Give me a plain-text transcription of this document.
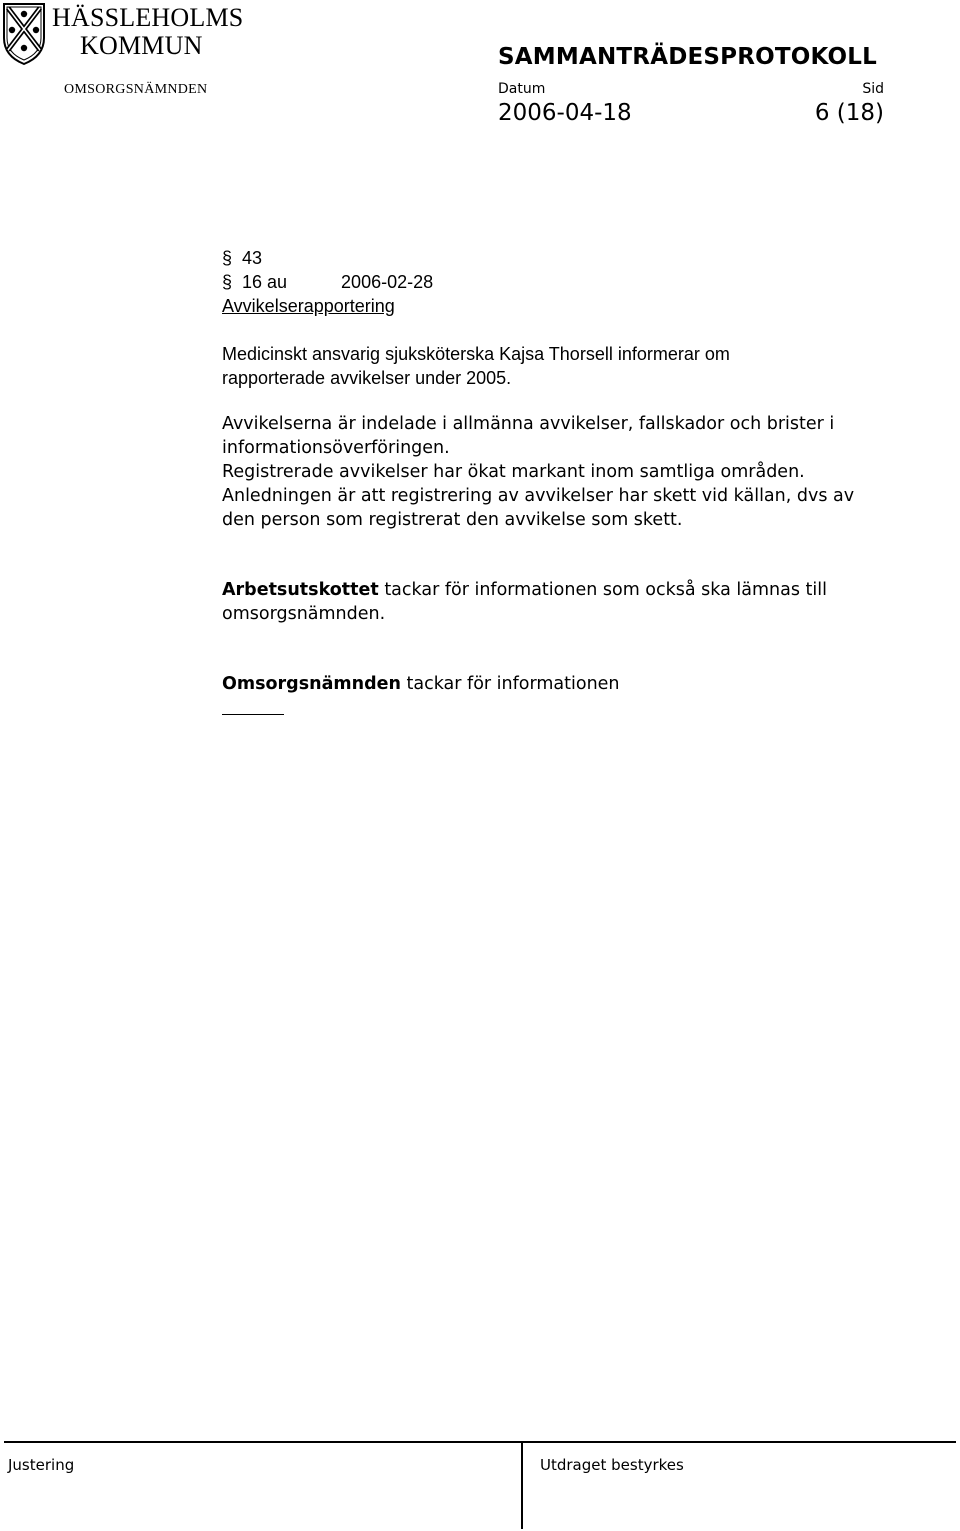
HÄSSLEHOLMS
KOMMUN
OMSORGSNÄMNDEN
SAMMANTRÄDESPROTOKOLL
Datum	Sid
2006-04-18	6 (18)
§ 43
§ 16 au	2006-02-28
Avvikelserapportering
Medicinskt ansvarig sjuksköterska Kajsa Thorsell informerar om
rapporterade avvikelser under 2005.
Avvikelserna är indelade i allmänna avvikelser, fallskador och brister i
informationsöverföringen.
Registrerade avvikelser har ökat markant inom samtliga områden.
Anledningen är att registrering av avvikelser har skett vid källan, dvs av
den person som registrerat den avvikelse som skett.
Arbetsutskottet tackar för informationen som också ska lämnas till
omsorgsnämnden.
Omsorgsnämnden tackar för informationen
Justering	Utdraget bestyrkes
